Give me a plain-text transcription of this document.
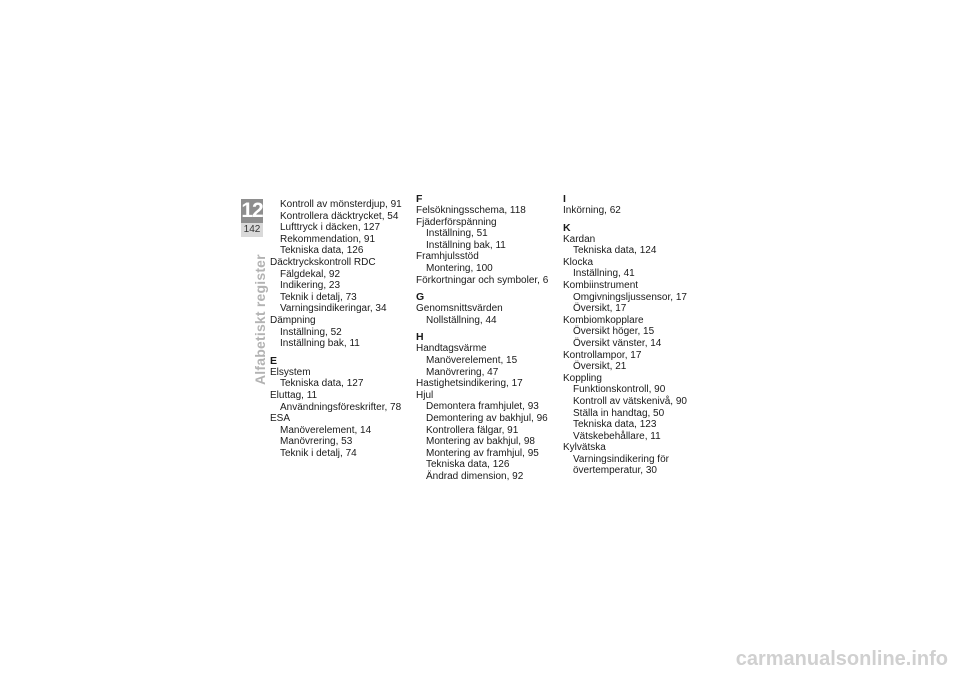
12
142
Alfabetiskt register
Kontroll av mönsterdjup, 91
Kontrollera däcktrycket, 54
Lufttryck i däcken, 127
Rekommendation, 91
Tekniska data, 126
Däcktryckskontroll RDC
Fälgdekal, 92
Indikering, 23
Teknik i detalj, 73
Varningsindikeringar, 34
Dämpning
Inställning, 52
Inställning bak, 11
E
Elsystem
Tekniska data, 127
Eluttag, 11
Användningsföreskrifter, 78
ESA
Manöverelement, 14
Manövrering, 53
Teknik i detalj, 74
F
Felsökningsschema, 118
Fjäderförspänning
Inställning, 51
Inställning bak, 11
Framhjulsstöd
Montering, 100
Förkortningar och symboler, 6
G
Genomsnittsvärden
Nollställning, 44
H
Handtagsvärme
Manöverelement, 15
Manövrering, 47
Hastighetsindikering, 17
Hjul
Demontera framhjulet, 93
Demontering av bakhjul, 96
Kontrollera fälgar, 91
Montering av bakhjul, 98
Montering av framhjul, 95
Tekniska data, 126
Ändrad dimension, 92
I
Inkörning, 62
K
Kardan
Tekniska data, 124
Klocka
Inställning, 41
Kombiinstrument
Omgivningsljussensor, 17
Översikt, 17
Kombiomkopplare
Översikt höger, 15
Översikt vänster, 14
Kontrollampor, 17
Översikt, 21
Koppling
Funktionskontroll, 90
Kontroll av vätskenivå, 90
Ställa in handtag, 50
Tekniska data, 123
Vätskebehållare, 11
Kylvätska
Varningsindikering för
övertemperatur, 30
carmanualsonline.info
